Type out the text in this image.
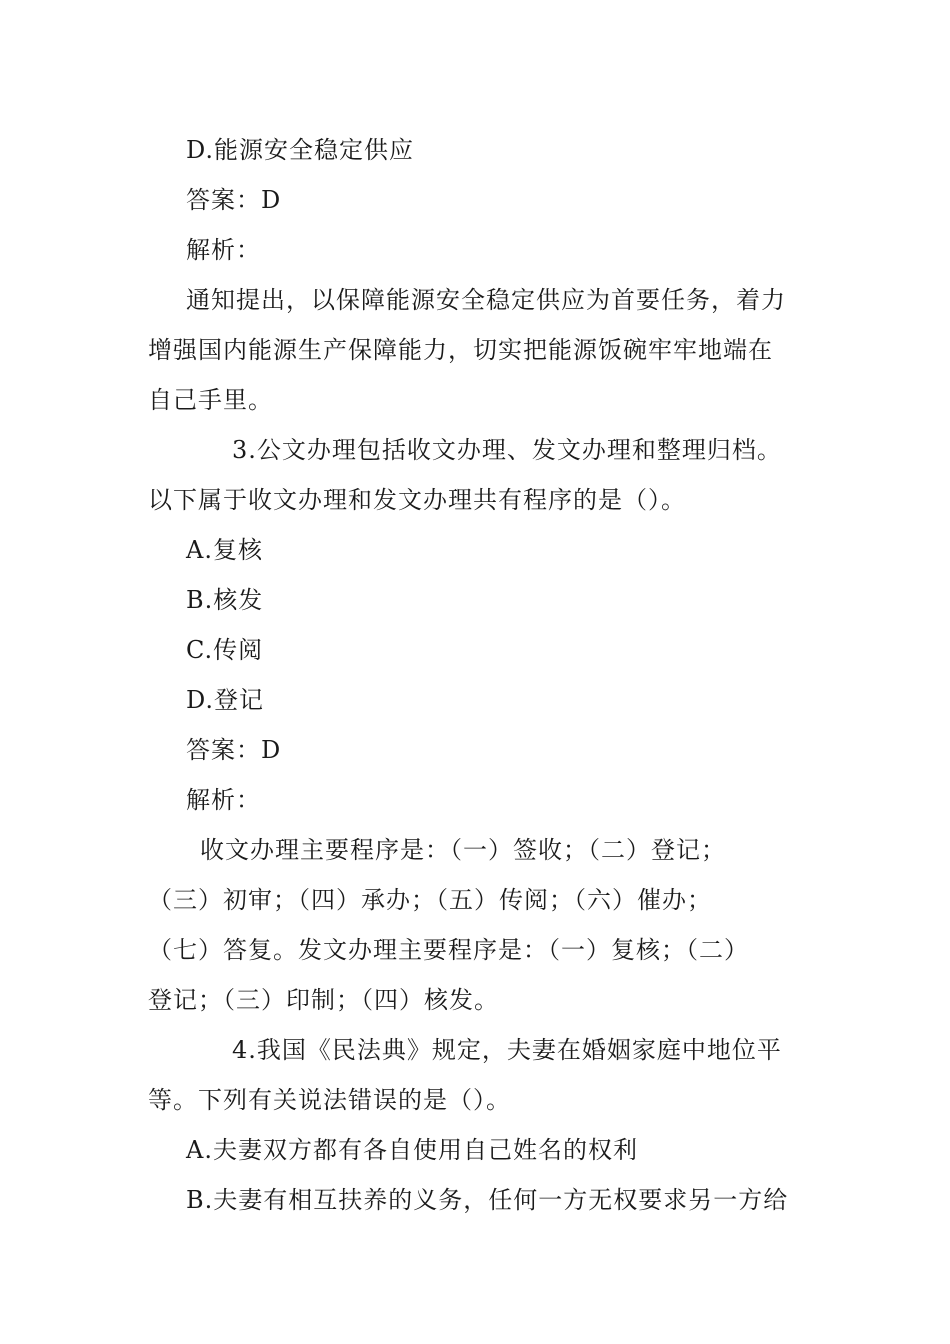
D.能源安全稳定供应
答案：D
解析：
通知提出，以保障能源安全稳定供应为首要任务，着力
增强国内能源生产保障能力，切实把能源饭碗牢牢地端在
自己手里。
3.公文办理包括收文办理、发文办理和整理归档。
以下属于收文办理和发文办理共有程序的是（）。
A.复核
B.核发
C.传阅
D.登记
答案：D
解析：
收文办理主要程序是：（一）签收；（二）登记；
（三）初审；（四）承办；（五）传阅；（六）催办；
（七）答复。发文办理主要程序是：（一）复核；（二）
登记；（三）印制；（四）核发。
4.我国《民法典》规定，夫妻在婚姻家庭中地位平
等。下列有关说法错误的是（）。
A.夫妻双方都有各自使用自己姓名的权利
B.夫妻有相互扶养的义务，任何一方无权要求另一方给
